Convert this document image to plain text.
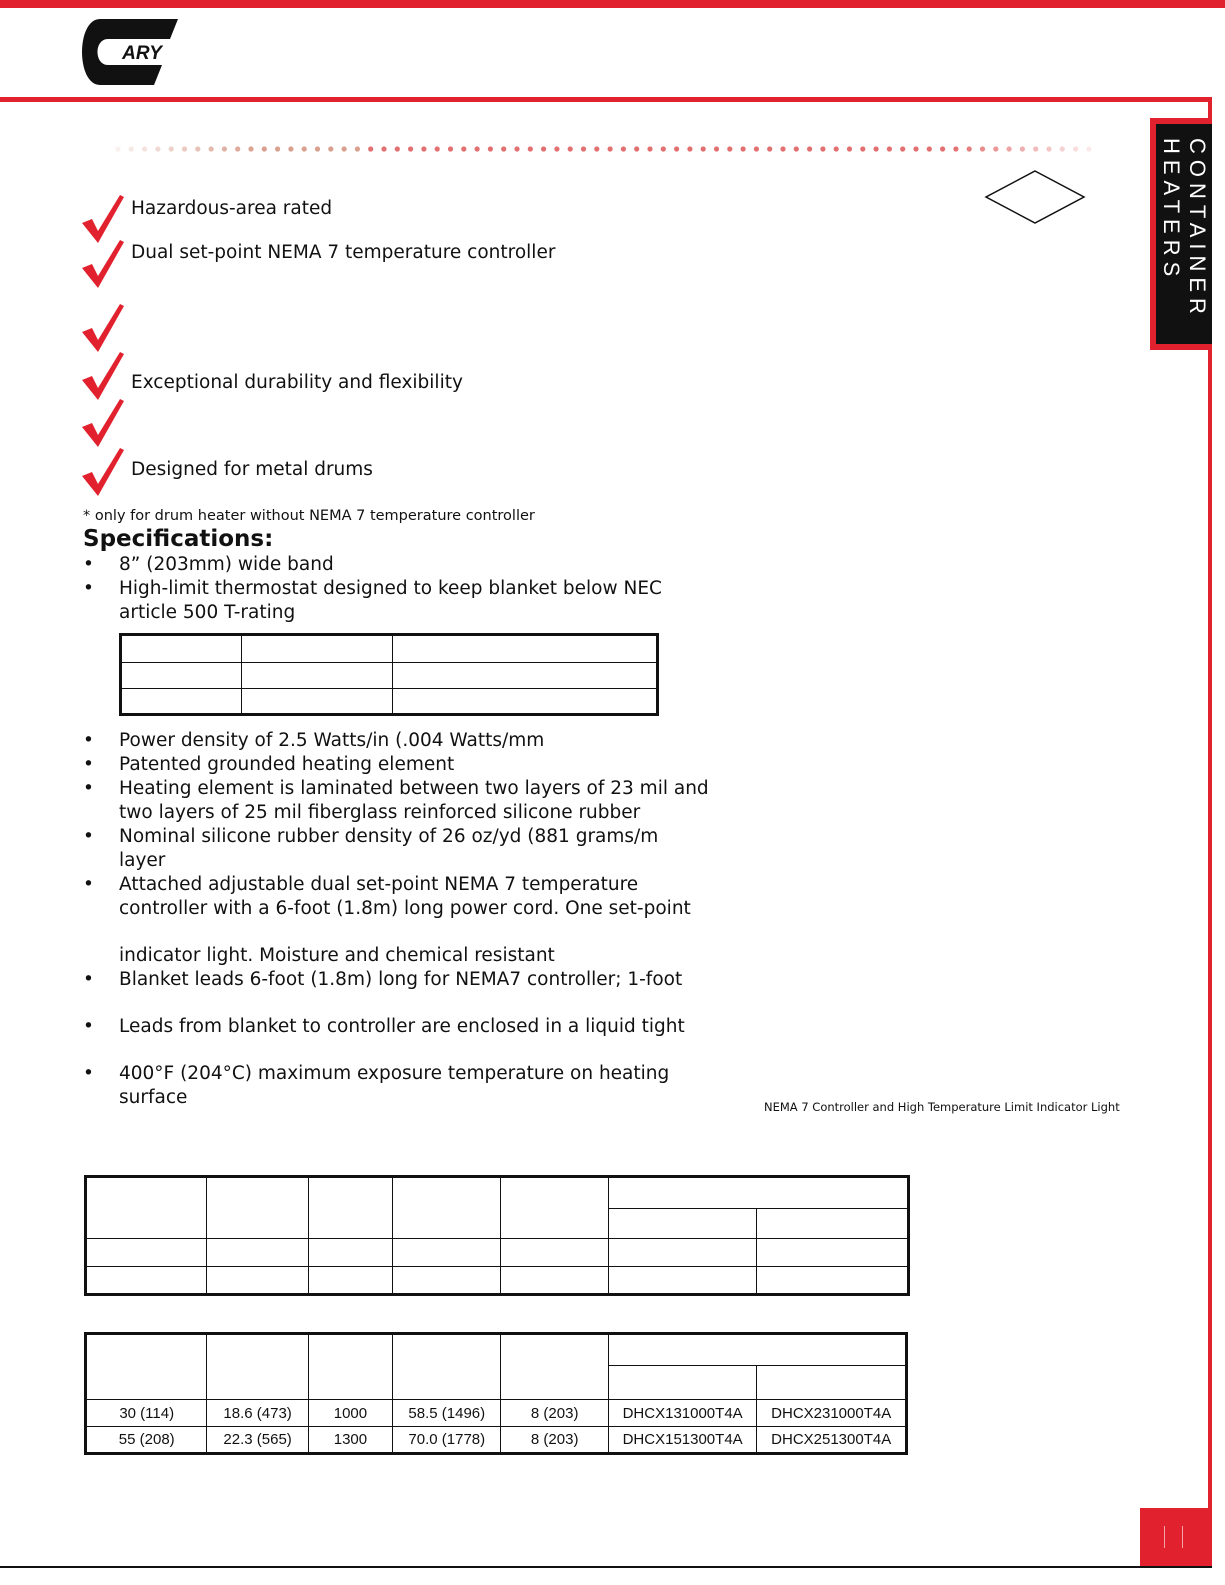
ARY
CONTAINER HEATERS
Hazardous-area rated
Dual set-point NEMA 7 temperature controller
Exceptional durability and flexibility
Designed for metal drums
* only for drum heater without NEMA 7 temperature controller
Specifications:
•	8” (203mm) wide band
•	High-limit thermostat designed to keep blanket below NEC
article 500 T-rating
•	Power density of 2.5 Watts/in (.004 Watts/mm
•	Patented grounded heating element
•	Heating element is laminated between two layers of 23 mil and
two layers of 25 mil fiberglass reinforced silicone rubber
•	Nominal silicone rubber density of 26 oz/yd (881 grams/m
layer
•	Attached adjustable dual set-point NEMA 7 temperature
controller with a 6-foot (1.8m) long power cord. One set-point
indicator light. Moisture and chemical resistant
•	Blanket leads 6-foot (1.8m) long for NEMA7 controller; 1-foot
•	Leads from blanket to controller are enclosed in a liquid tight
•	400°F (204°C) maximum exposure temperature on heating
surface

			NEMA 7 Controller and High Temperature Limit Indicator Light

30 (114)	18.6 (473)	1000	58.5 (1496)	8 (203)	DHCX131000T4A	DHCX231000T4A
55 (208)	22.3 (565)	1300	70.0 (1778)	8 (203)	DHCX151300T4A	DHCX251300T4A
